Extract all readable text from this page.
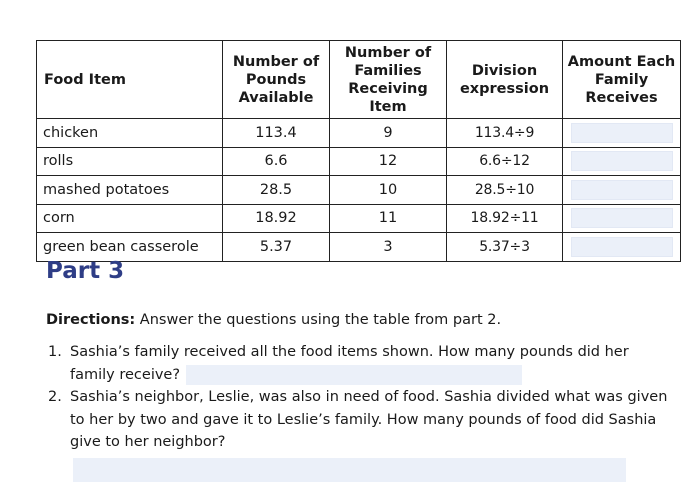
Food Item	Number of Pounds Available	Number of Families Receiving Item	Division expression	Amount Each Family Receives
chicken	113.4	9	113.4÷9	

rolls	6.6	12	6.6÷12	

mashed potatoes	28.5	10	28.5÷10	

corn	18.92	11	18.92÷11	

green bean casserole	5.37	3	5.37÷3	
Part 3

Directions: Answer the questions using the table from part 2.

1. Sashia’s family received all the food items shown. How many pounds did her family receive?
2. Sashia’s neighbor, Leslie, was also in need of food. Sashia divided what was given to her by two and gave it to Leslie’s family. How many pounds of food did Sashia give to her neighbor?
